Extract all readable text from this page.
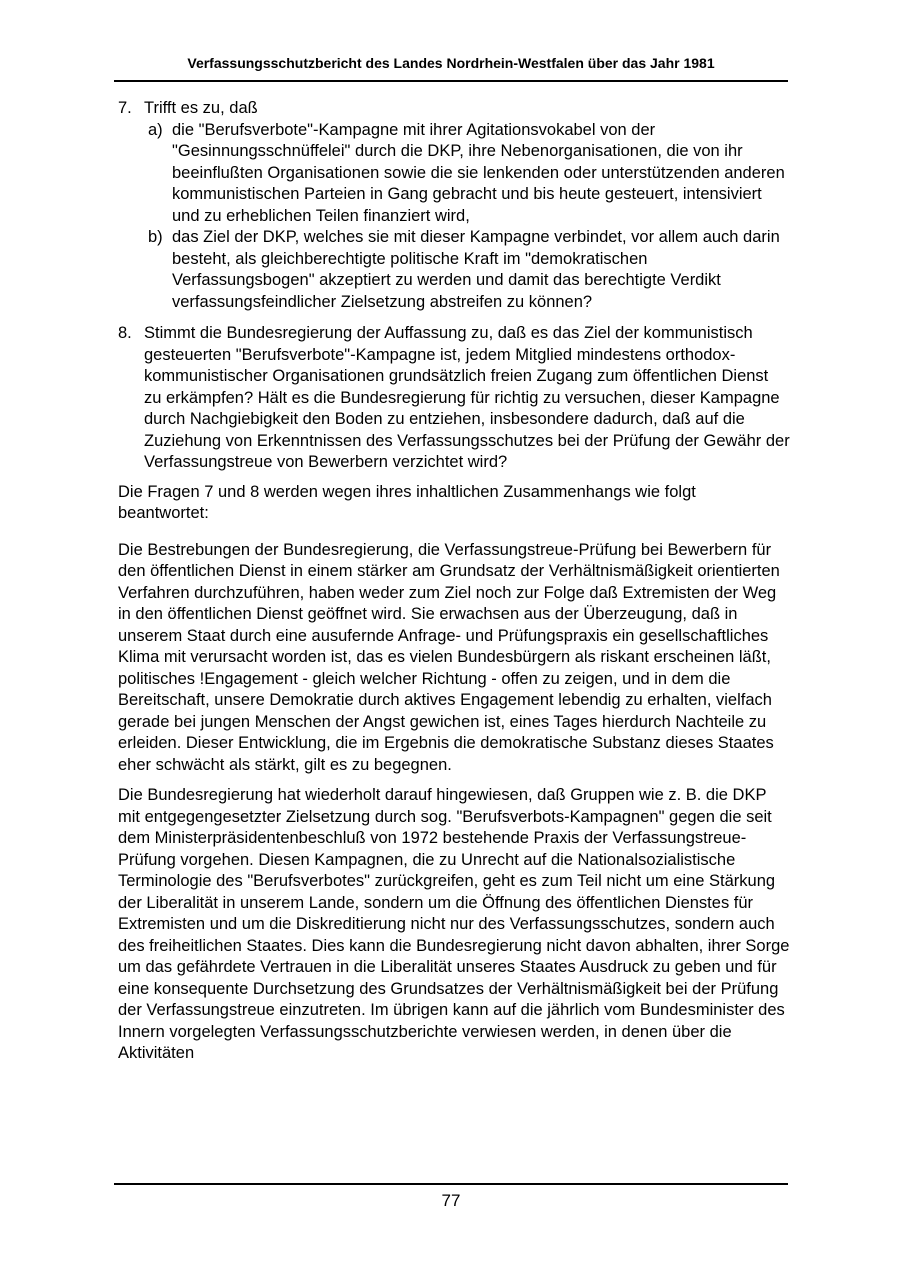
Verfassungsschutzbericht des Landes Nordrhein-Westfalen über das Jahr 1981
7. Trifft es zu, daß
a) die "Berufsverbote"-Kampagne mit ihrer Agitationsvokabel von der "Gesinnungsschnüffelei" durch die DKP, ihre Nebenorganisationen, die von ihr beeinflußten Organisationen sowie die sie lenkenden oder unterstützenden anderen kommunistischen Parteien in Gang gebracht und bis heute gesteuert, intensiviert und zu erheblichen Teilen finanziert wird,
b) das Ziel der DKP, welches sie mit dieser Kampagne verbindet, vor allem auch darin besteht, als gleichberechtigte politische Kraft im "demokratischen Verfassungsbogen" akzeptiert zu werden und damit das berechtigte Verdikt verfassungsfeindlicher Zielsetzung abstreifen zu können?
8. Stimmt die Bundesregierung der Auffassung zu, daß es das Ziel der kommunistisch gesteuerten "Berufsverbote"-Kampagne ist, jedem Mitglied mindestens orthodox-kommunistischer Organisationen grundsätzlich freien Zugang zum öffentlichen Dienst zu erkämpfen? Hält es die Bundesregierung für richtig zu versuchen, dieser Kampagne durch Nachgiebigkeit den Boden zu entziehen, insbesondere dadurch, daß auf die Zuziehung von Erkenntnissen des Verfassungsschutzes bei der Prüfung der Gewähr der Verfassungstreue von Bewerbern verzichtet wird?

Die Fragen 7 und 8 werden wegen ihres inhaltlichen Zusammenhangs wie folgt beantwortet:

Die Bestrebungen der Bundesregierung, die Verfassungstreue-Prüfung bei Bewerbern für den öffentlichen Dienst in einem stärker am Grundsatz der Verhältnismäßigkeit orientierten Verfahren durchzuführen, haben weder zum Ziel noch zur Folge daß Extremisten der Weg in den öffentlichen Dienst geöffnet wird. Sie erwachsen aus der Überzeugung, daß in unserem Staat durch eine ausufernde Anfrage- und Prüfungspraxis ein gesellschaftliches Klima mit verursacht worden ist, das es vielen Bundesbürgern als riskant erscheinen läßt, politisches !Engagement - gleich welcher Richtung - offen zu zeigen, und in dem die Bereitschaft, unsere Demokratie durch aktives Engagement lebendig zu erhalten, vielfach gerade bei jungen Menschen der Angst gewichen ist, eines Tages hierdurch Nachteile zu erleiden. Dieser Entwicklung, die im Ergebnis die demokratische Substanz dieses Staates eher schwächt als stärkt, gilt es zu begegnen.

Die Bundesregierung hat wiederholt darauf hingewiesen, daß Gruppen wie z. B. die DKP mit entgegengesetzter Zielsetzung durch sog. "Berufsverbots-Kampagnen" gegen die seit dem Ministerpräsidentenbeschluß von 1972 bestehende Praxis der Verfassungstreue-Prüfung vorgehen. Diesen Kampagnen, die zu Unrecht auf die Nationalsozialistische Terminologie des "Berufsverbotes" zurückgreifen, geht es zum Teil nicht um eine Stärkung der Liberalität in unserem Lande, sondern um die Öffnung des öffentlichen Dienstes für Extremisten und um die Diskreditierung nicht nur des Verfassungsschutzes, sondern auch des freiheitlichen Staates. Dies kann die Bundesregierung nicht davon abhalten, ihrer Sorge um das gefährdete Vertrauen in die Liberalität unseres Staates Ausdruck zu geben und für eine konsequente Durchsetzung des Grundsatzes der Verhältnismäßigkeit bei der Prüfung der Verfassungstreue einzutreten. Im übrigen kann auf die jährlich vom Bundesminister des Innern vorgelegten Verfassungsschutzberichte verwiesen werden, in denen über die Aktivitäten

77
